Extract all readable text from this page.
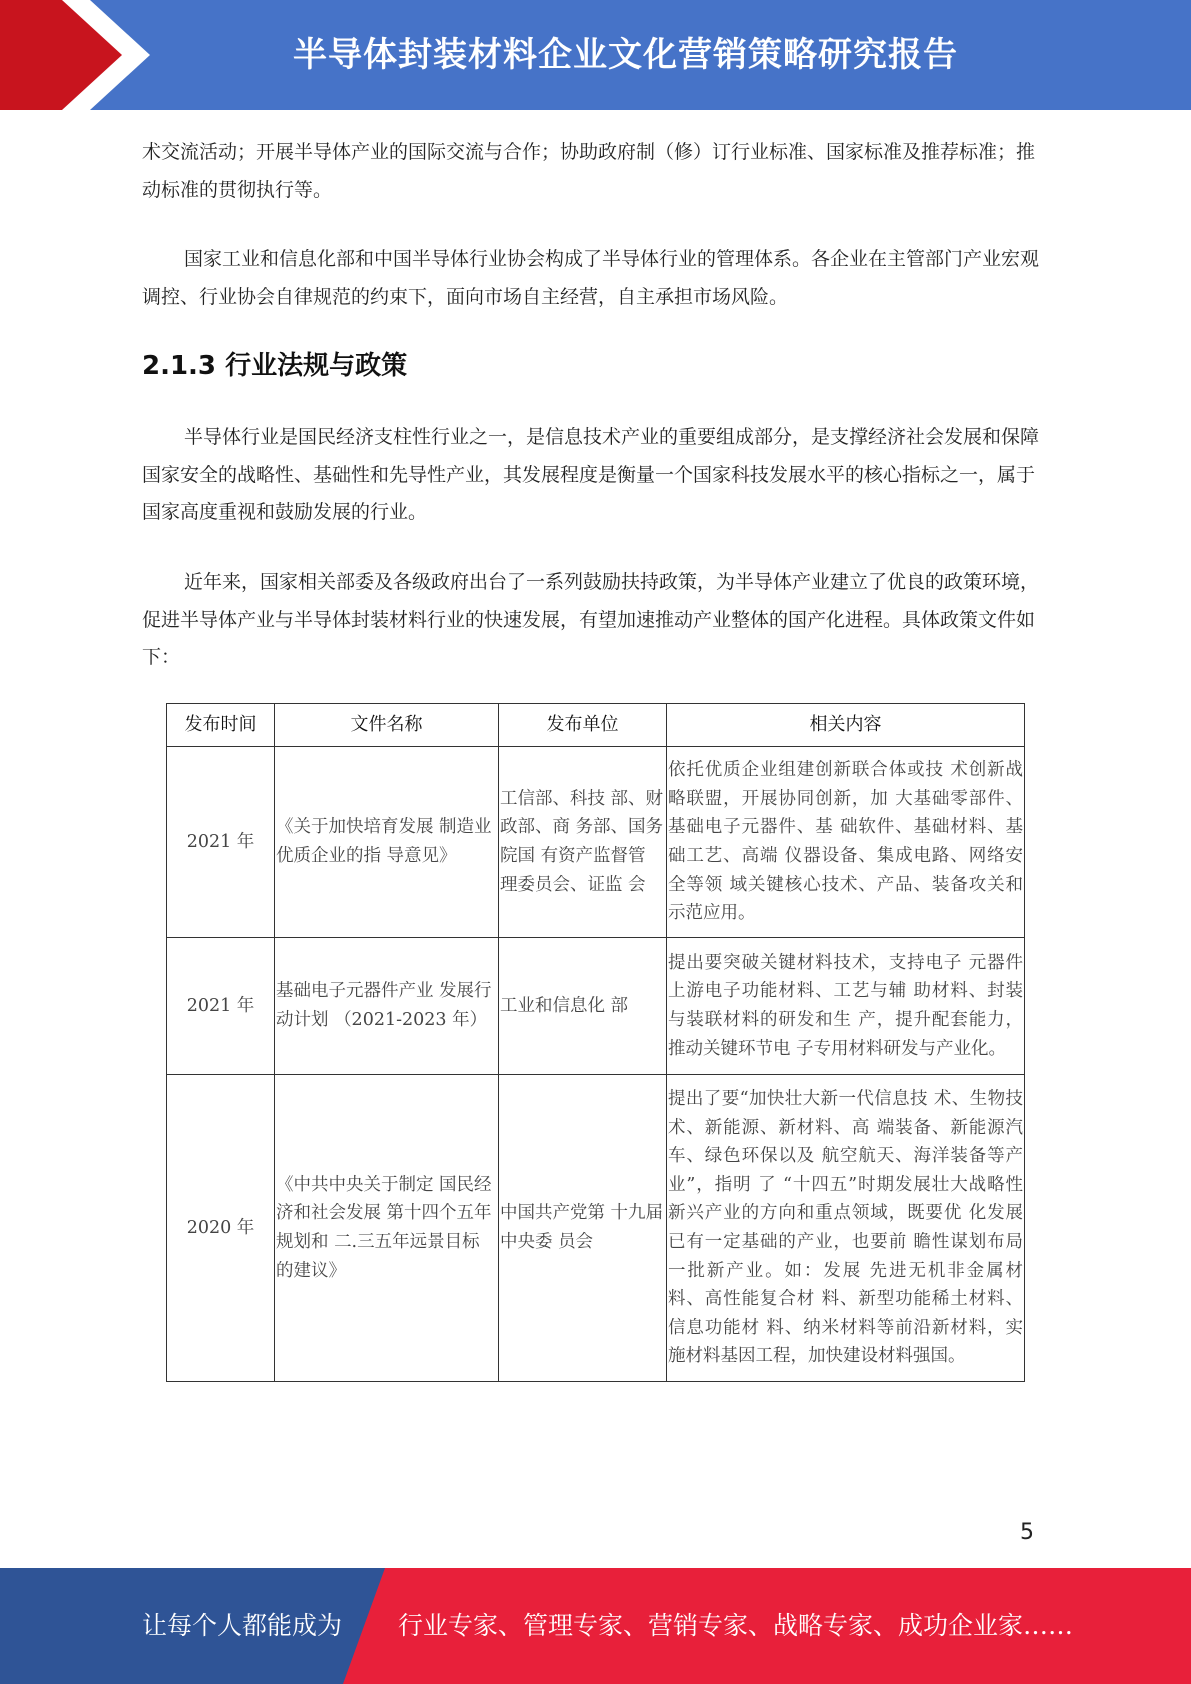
半导体封装材料企业文化营销策略研究报告

术交流活动；开展半导体产业的国际交流与合作；协助政府制（修）订行业标准、国家标准及推荐标准；推动标准的贯彻执行等。

国家工业和信息化部和中国半导体行业协会构成了半导体行业的管理体系。各企业在主管部门产业宏观调控、行业协会自律规范的约束下，面向市场自主经营，自主承担市场风险。

2.1.3 行业法规与政策

半导体行业是国民经济支柱性行业之一，是信息技术产业的重要组成部分，是支撑经济社会发展和保障国家安全的战略性、基础性和先导性产业，其发展程度是衡量一个国家科技发展水平的核心指标之一，属于国家高度重视和鼓励发展的行业。

近年来，国家相关部委及各级政府出台了一系列鼓励扶持政策，为半导体产业建立了优良的政策环境，促进半导体产业与半导体封装材料行业的快速发展，有望加速推动产业整体的国产化进程。具体政策文件如下：

发布时间	文件名称	发布单位	相关内容
2021 年	《关于加快培育发展 制造业优质企业的指 导意见》	工信部、科技 部、财政部、商 务部、国务院国 有资产监督管 理委员会、证监 会	依托优质企业组建创新联合体或技 术创新战略联盟，开展协同创新，加 大基础零部件、基础电子元器件、基 础软件、基础材料、基础工艺、高端 仪器设备、集成电路、网络安全等领 域关键核心技术、产品、装备攻关和 示范应用。
2021 年	基础电子元器件产业 发展行动计划 （2021-2023 年）	工业和信息化 部	提出要突破关键材料技术，支持电子 元器件上游电子功能材料、工艺与辅 助材料、封装与装联材料的研发和生 产，提升配套能力，推动关键环节电 子专用材料研发与产业化。
2020 年	《中共中央关于制定 国民经济和社会发展 第十四个五年规划和 二.三五年远景目标 的建议》	中国共产党第 十九届中央委 员会	提出了要“加快壮大新一代信息技 术、生物技术、新能源、新材料、高 端装备、新能源汽车、绿色环保以及 航空航天、海洋装备等产业”，指明 了 “十四五”时期发展壮大战略性 新兴产业的方向和重点领域，既要优 化发展已有一定基础的产业，也要前 瞻性谋划布局一批新产业。如：发展 先进无机非金属材料、高性能复合材 料、新型功能稀土材料、信息功能材 料、纳米材料等前沿新材料，实施材料基因工程，加快建设材料强国。
5
让每个人都能成为 行业专家、管理专家、营销专家、战略专家、成功企业家……
